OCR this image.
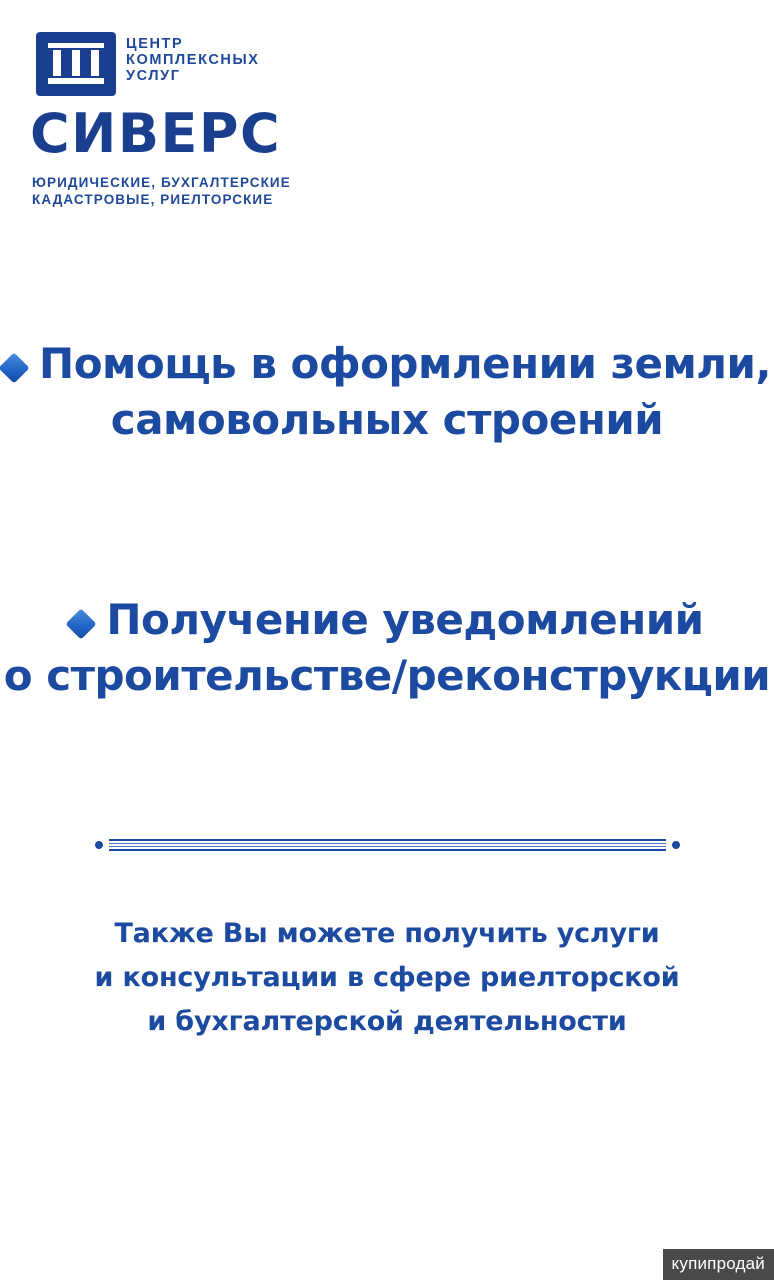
ЦЕНТР
КОМПЛЕКСНЫХ
УСЛУГ
СИВЕРС
ЮРИДИЧЕСКИЕ, БУХГАЛТЕРСКИЕ
КАДАСТРОВЫЕ, РИЕЛТОРСКИЕ
Помощь в оформлении земли,
самовольных строений
Получение уведомлений
о строительстве/реконструкции
Также Вы можете получить услуги
и консультации в сфере риелторской
и бухгалтерской деятельности
купипродай
